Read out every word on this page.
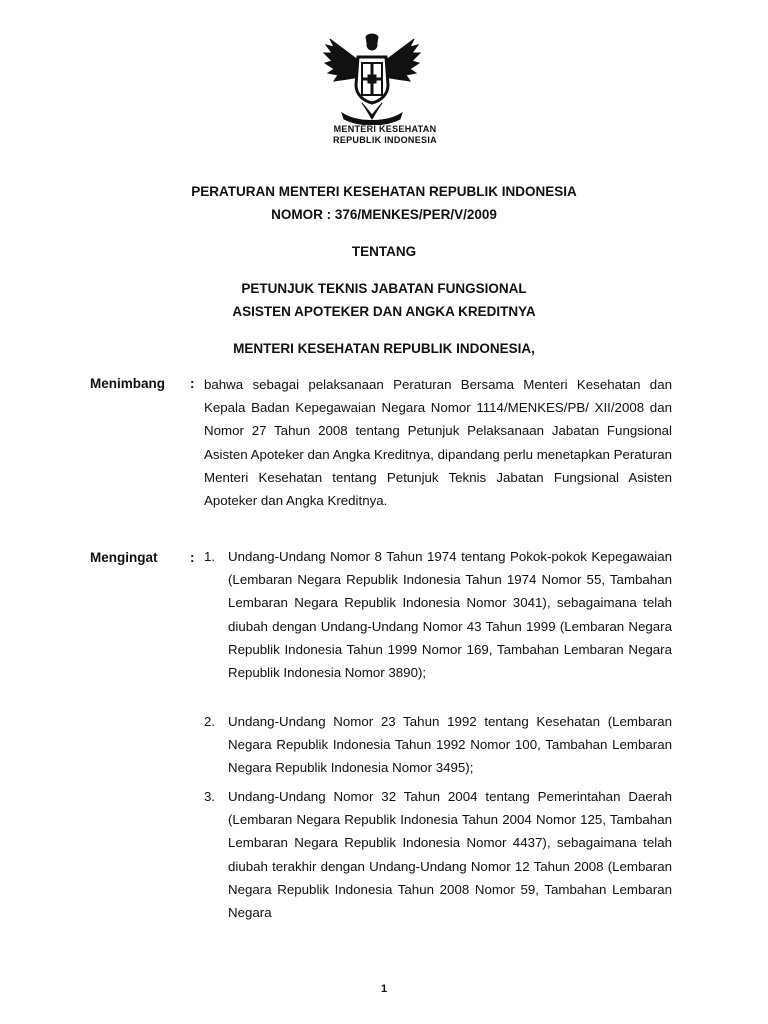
MENTERI KESEHATAN
REPUBLIK INDONESIA
PERATURAN MENTERI KESEHATAN REPUBLIK INDONESIA
NOMOR : 376/MENKES/PER/V/2009
TENTANG
PETUNJUK TEKNIS JABATAN FUNGSIONAL
ASISTEN APOTEKER DAN ANGKA KREDITNYA
MENTERI KESEHATAN REPUBLIK INDONESIA,
Menimbang : bahwa sebagai pelaksanaan Peraturan Bersama Menteri Kesehatan dan Kepala Badan Kepegawaian Negara Nomor 1114/MENKES/PB/ XII/2008 dan Nomor 27 Tahun 2008 tentang Petunjuk Pelaksanaan Jabatan Fungsional Asisten Apoteker dan Angka Kreditnya, dipandang perlu menetapkan Peraturan Menteri Kesehatan tentang Petunjuk Teknis Jabatan Fungsional Asisten Apoteker dan Angka Kreditnya.
Mengingat : 1. Undang-Undang Nomor 8 Tahun 1974 tentang Pokok-pokok Kepegawaian (Lembaran Negara Republik Indonesia Tahun 1974 Nomor 55, Tambahan Lembaran Negara Republik Indonesia Nomor 3041), sebagaimana telah diubah dengan Undang-Undang Nomor 43 Tahun 1999 (Lembaran Negara Republik Indonesia Tahun 1999 Nomor 169, Tambahan Lembaran Negara Republik Indonesia Nomor 3890);
2. Undang-Undang Nomor 23 Tahun 1992 tentang Kesehatan (Lembaran Negara Republik Indonesia Tahun 1992 Nomor 100, Tambahan Lembaran Negara Republik Indonesia Nomor 3495);
3. Undang-Undang Nomor 32 Tahun 2004 tentang Pemerintahan Daerah (Lembaran Negara Republik Indonesia Tahun 2004 Nomor 125, Tambahan Lembaran Negara Republik Indonesia Nomor 4437), sebagaimana telah diubah terakhir dengan Undang-Undang Nomor 12 Tahun 2008 (Lembaran Negara Republik Indonesia Tahun 2008 Nomor 59, Tambahan Lembaran Negara
1
